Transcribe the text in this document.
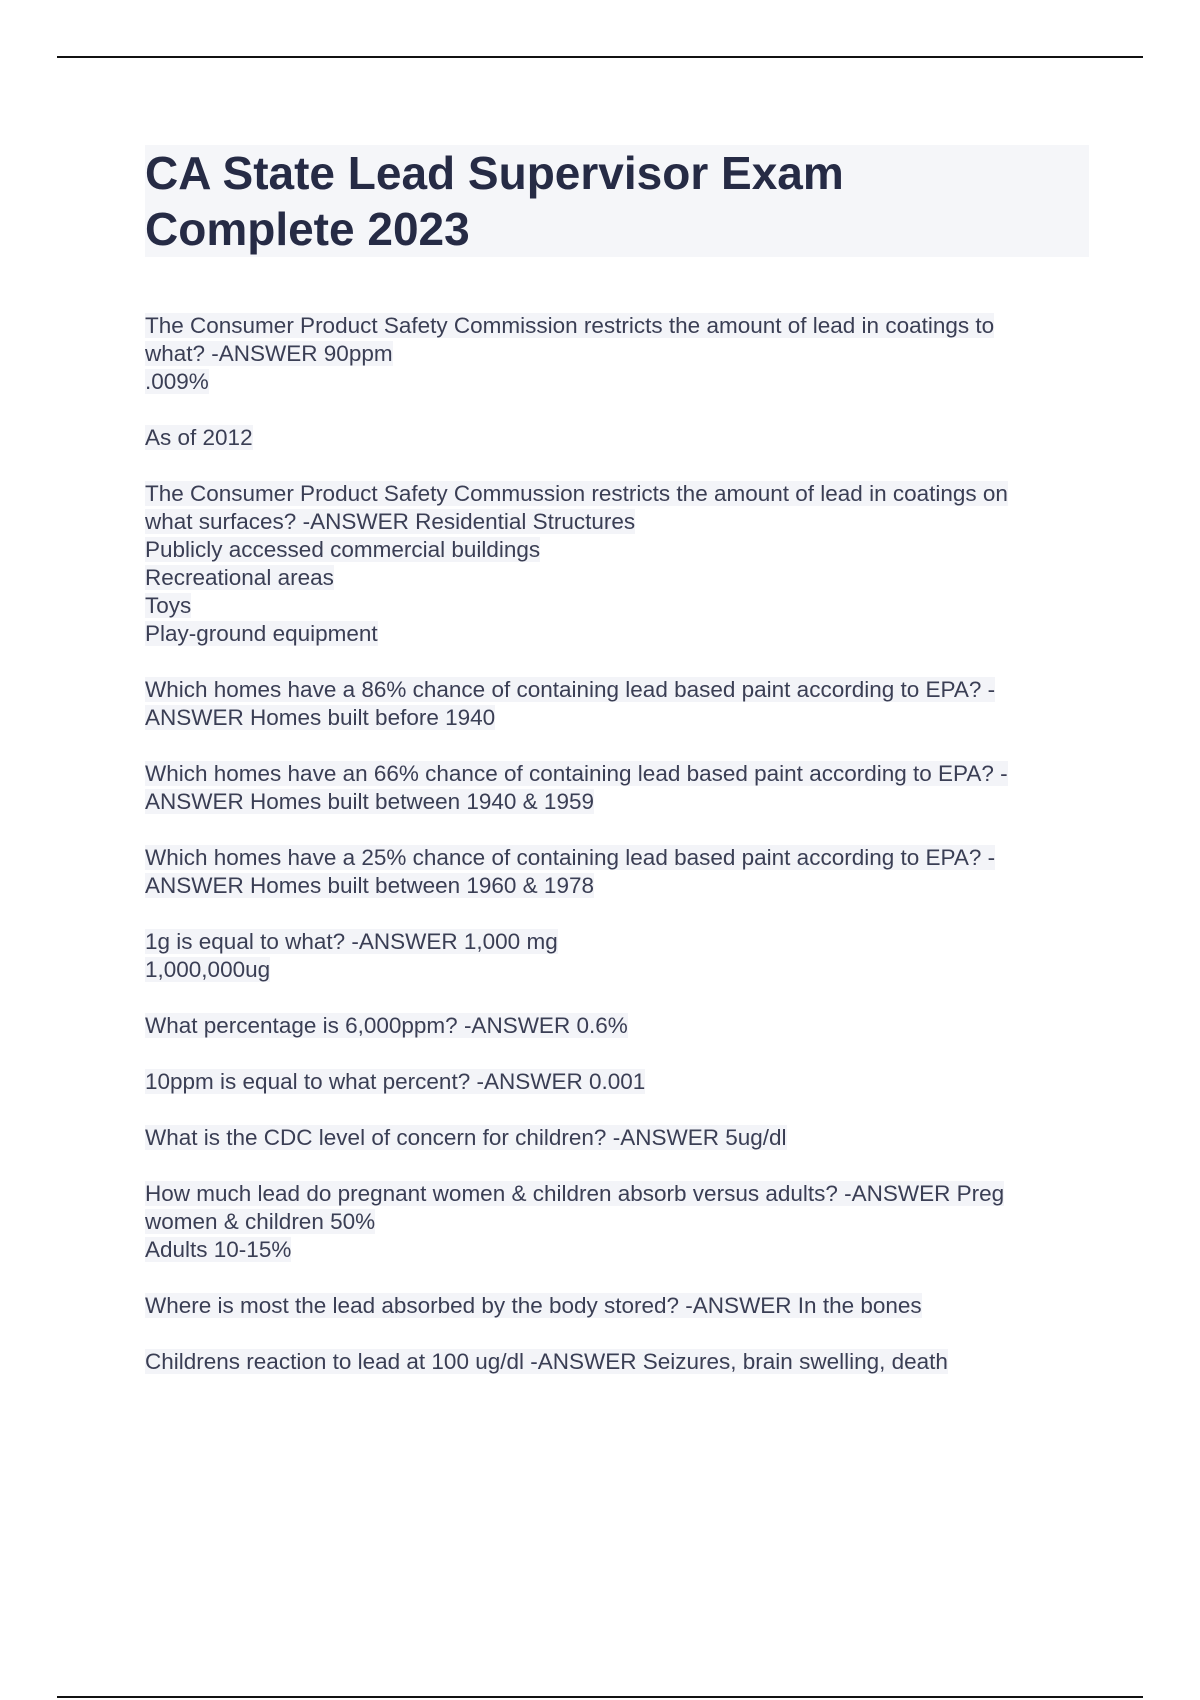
CA State Lead Supervisor Exam
Complete 2023
The Consumer Product Safety Commission restricts the amount of lead in coatings to
what? -ANSWER 90ppm
.009%
As of 2012
The Consumer Product Safety Commussion restricts the amount of lead in coatings on
what surfaces? -ANSWER Residential Structures
Publicly accessed commercial buildings
Recreational areas
Toys
Play-ground equipment
Which homes have a 86% chance of containing lead based paint according to EPA? -
ANSWER Homes built before 1940
Which homes have an 66% chance of containing lead based paint according to EPA? -
ANSWER Homes built between 1940 & 1959
Which homes have a 25% chance of containing lead based paint according to EPA? -
ANSWER Homes built between 1960 & 1978
1g is equal to what? -ANSWER 1,000 mg
1,000,000ug
What percentage is 6,000ppm? -ANSWER 0.6%
10ppm is equal to what percent? -ANSWER 0.001
What is the CDC level of concern for children? -ANSWER 5ug/dl
How much lead do pregnant women & children absorb versus adults? -ANSWER Preg
women & children 50%
Adults 10-15%
Where is most the lead absorbed by the body stored? -ANSWER In the bones
Childrens reaction to lead at 100 ug/dl -ANSWER Seizures, brain swelling, death
